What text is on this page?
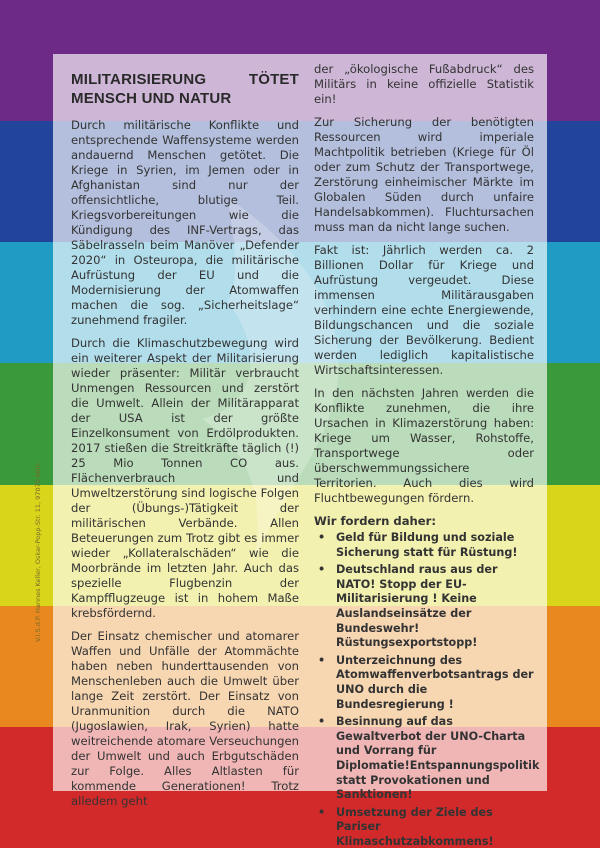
V.i.S.d.P. Hannes Keller, Oskar-Popp-Str. 11, 97070 Köln
MILITARISIERUNG TÖTET MENSCH UND NATUR

Durch militärische Konflikte und entsprechende Waffensysteme werden andauernd Menschen getötet. Die Kriege in Syrien, im Jemen oder in Afghanistan sind nur der offensichtliche, blutige Teil. Kriegsvorbereitungen wie die Kündigung des INF-Vertrags, das Säbelrasseln beim Manöver „Defender 2020“ in Osteuropa, die militärische Aufrüstung der EU und die Modernisierung der Atomwaffen machen die sog. „Sicherheitslage“ zunehmend fragiler.

Durch die Klimaschutzbewegung wird ein weiterer Aspekt der Militarisierung wieder präsenter: Militär verbraucht Unmengen Ressourcen und zerstört die Umwelt. Allein der Militärapparat der USA ist der größte Einzelkonsument von Erdölprodukten. 2017 stießen die Streitkräfte täglich (!) 25 Mio Tonnen CO aus. Flächenverbrauch und Umweltzerstörung sind logische Folgen der (Übungs-)Tätigkeit der militärischen Verbände. Allen Beteuerungen zum Trotz gibt es immer wieder „Kollateralschäden“ wie die Moorbrände im letzten Jahr. Auch das spezielle Flugbenzin der Kampfflugzeuge ist in hohem Maße krebsfördernd.

Der Einsatz chemischer und atomarer Waffen und Unfälle der Atommächte haben neben hunderttausenden von Menschenleben auch die Umwelt über lange Zeit zerstört. Der Einsatz von Uranmunition durch die NATO (Jugoslawien, Irak, Syrien) hatte weitreichende atomare Verseuchungen der Umwelt und auch Erbgutschäden zur Folge. Alles Altlasten für kommende Generationen! Trotz alledem geht

der „ökologische Fußabdruck“ des Militärs in keine offizielle Statistik ein!

Zur Sicherung der benötigten Ressourcen wird imperiale Machtpolitik betrieben (Kriege für Öl oder zum Schutz der Transportwege, Zerstörung einheimischer Märkte im Globalen Süden durch unfaire Handelsabkommen). Fluchtursachen muss man da nicht lange suchen.

Fakt ist: Jährlich werden ca. 2 Billionen Dollar für Kriege und Aufrüstung vergeudet. Diese immensen Militärausgaben verhindern eine echte Energiewende, Bildungschancen und die soziale Sicherung der Bevölkerung. Bedient werden lediglich kapitalistische Wirtschaftsinteressen.

In den nächsten Jahren werden die Konflikte zunehmen, die ihre Ursachen in Klimazerstörung haben: Kriege um Wasser, Rohstoffe, Transportwege oder überschwemmungssichere Territorien. Auch dies wird Fluchtbewegungen fördern.

Wir fordern daher:
• Geld für Bildung und soziale Sicherung statt für Rüstung!
• Deutschland raus aus der NATO! Stopp der EU- Militarisierung ! Keine Auslandseinsätze der Bundeswehr! Rüstungsexportstopp!
• Unterzeichnung des Atomwaffenverbotsantrags der UNO durch die Bundesregierung !
• Besinnung auf das Gewaltverbot der UNO-Charta und Vorrang für Diplomatie!Entspannungspolitik statt Provokationen und Sanktionen!
• Umsetzung der Ziele des Pariser Klimaschutzabkommens!
